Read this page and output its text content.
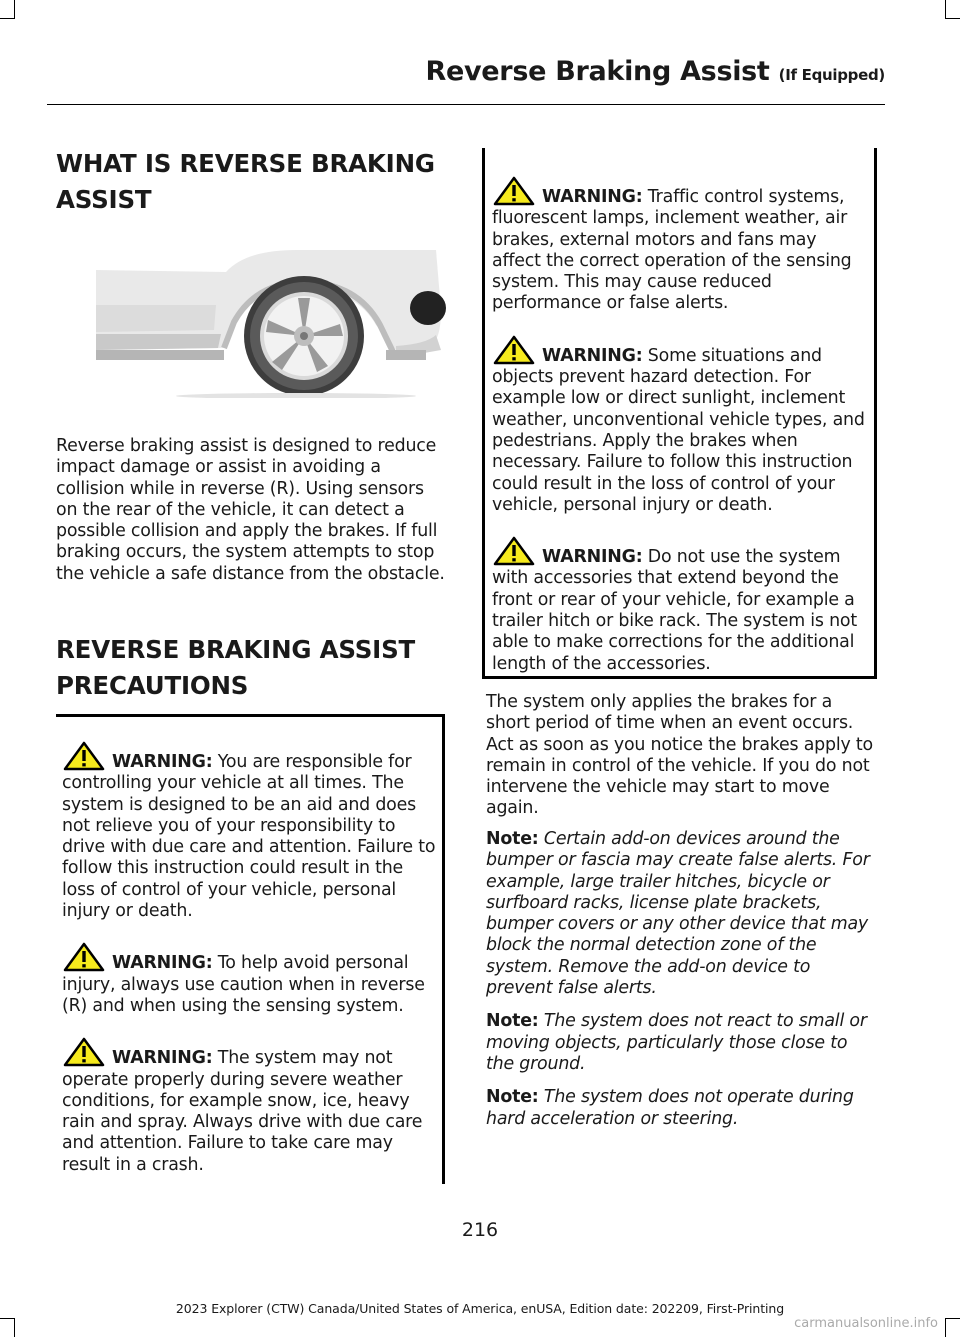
Reverse Braking Assist (If Equipped)
WHAT IS REVERSE BRAKING
ASSIST

Reverse braking assist is designed to reduce impact damage or assist in avoiding a collision while in reverse (R). Using sensors on the rear of the vehicle, it can detect a possible collision and apply the brakes. If full braking occurs, the system attempts to stop the vehicle a safe distance from the obstacle.

REVERSE BRAKING ASSIST
PRECAUTIONS

WARNING: You are responsible for controlling your vehicle at all times. The system is designed to be an aid and does not relieve you of your responsibility to drive with due care and attention. Failure to follow this instruction could result in the loss of control of your vehicle, personal injury or death.

WARNING: To help avoid personal injury, always use caution when in reverse (R) and when using the sensing system.

WARNING: The system may not operate properly during severe weather conditions, for example snow, ice, heavy rain and spray. Always drive with due care and attention. Failure to take care may result in a crash.

WARNING: Traffic control systems, fluorescent lamps, inclement weather, air brakes, external motors and fans may affect the correct operation of the sensing system. This may cause reduced performance or false alerts.

WARNING: Some situations and objects prevent hazard detection. For example low or direct sunlight, inclement weather, unconventional vehicle types, and pedestrians. Apply the brakes when necessary. Failure to follow this instruction could result in the loss of control of your vehicle, personal injury or death.

WARNING: Do not use the system with accessories that extend beyond the front or rear of your vehicle, for example a trailer hitch or bike rack. The system is not able to make corrections for the additional length of the accessories.

The system only applies the brakes for a short period of time when an event occurs. Act as soon as you notice the brakes apply to remain in control of the vehicle. If you do not intervene the vehicle may start to move again.

Note: Certain add-on devices around the bumper or fascia may create false alerts. For example, large trailer hitches, bicycle or surfboard racks, license plate brackets, bumper covers or any other device that may block the normal detection zone of the system. Remove the add-on device to prevent false alerts.

Note: The system does not react to small or moving objects, particularly those close to the ground.

Note: The system does not operate during hard acceleration or steering.

216
2023 Explorer (CTW) Canada/United States of America, enUSA, Edition date: 202209, First-Printing
carmanualsonline.info
